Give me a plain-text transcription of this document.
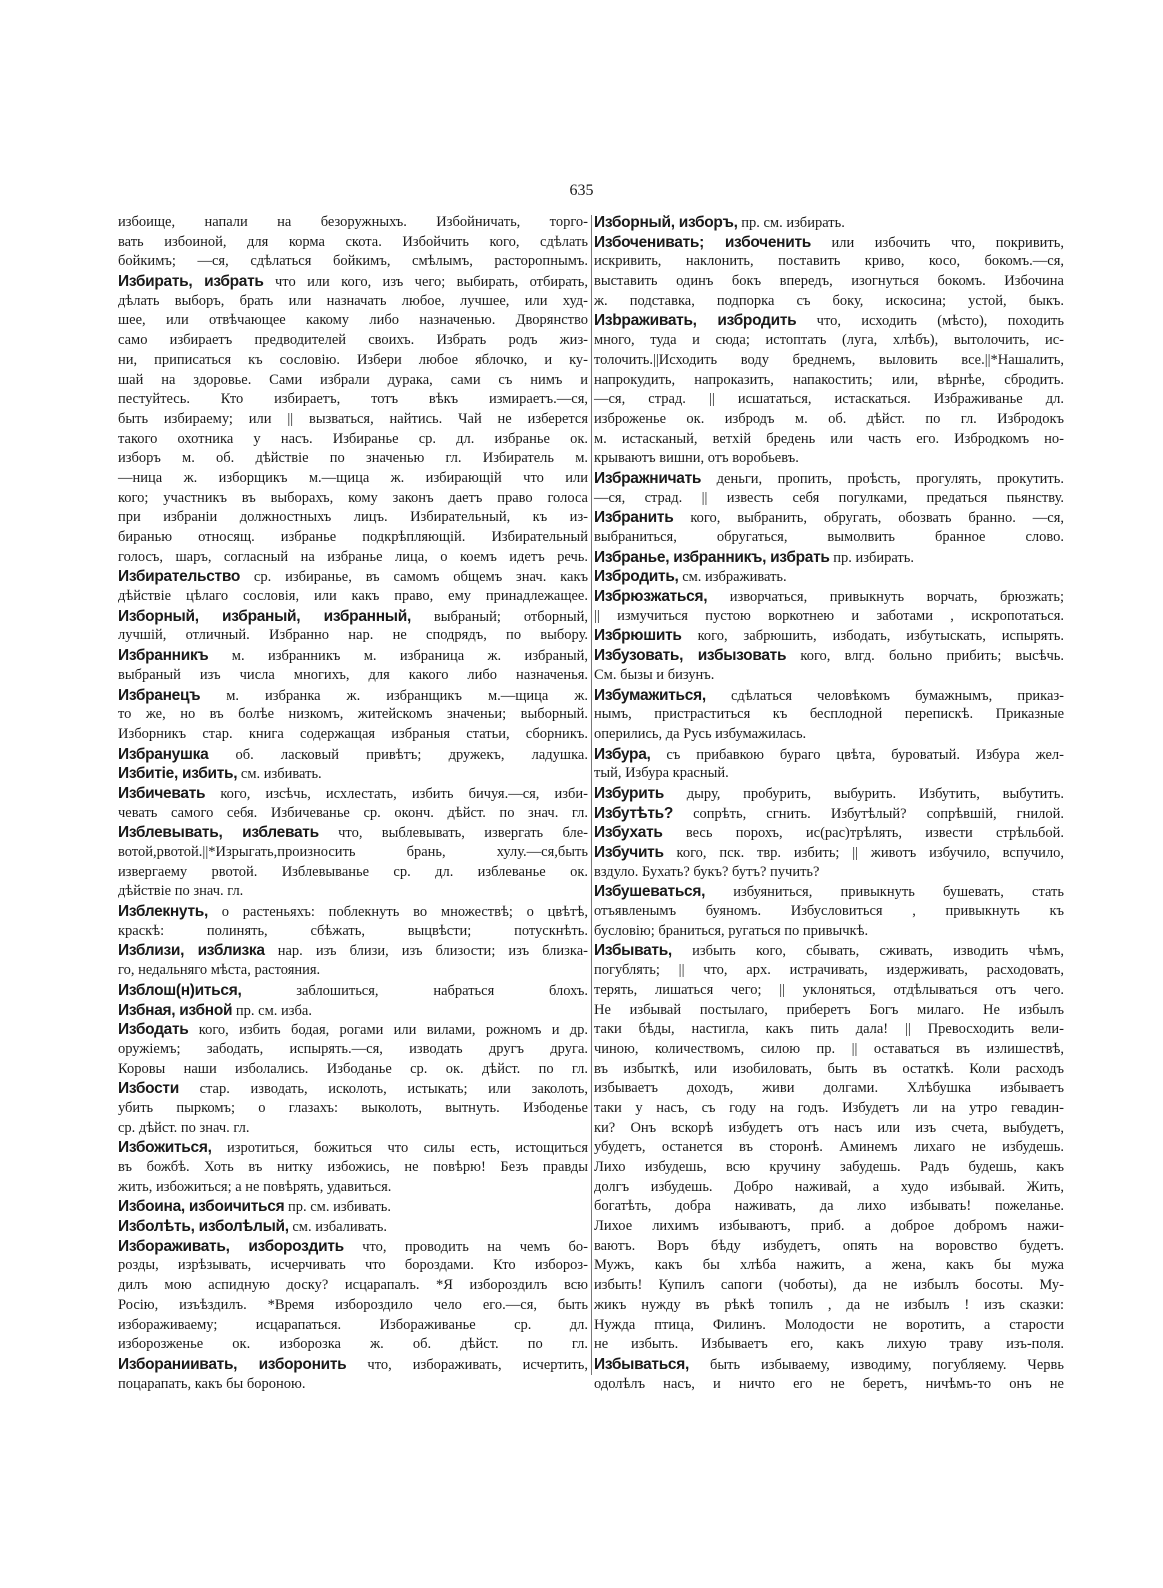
635
избоище, напали на безоружныхъ. Избойничать, торго-
вать избоиной, для корма скота. Избойчить кого, сдѣлать
бойкимъ; —ся, сдѣлаться бойкимъ, смѣлымъ, расторопнымъ.
Избирать, избрать что или кого, изъ чего; выбирать, отбирать,
дѣлать выборъ, брать или назначать любое, лучшее, или худ-
шее, или отвѣчающее какому либо назначенью. Дворянство
само избираетъ предводителей своихъ. Избрать родъ жиз-
ни, приписаться къ сословію. Избери любое яблочко, и ку-
шай на здоровье. Сами избрали дурака, сами съ нимъ и
пестуйтесь. Кто избираетъ, тотъ вѣкъ измираетъ.—ся,
быть избираему; или || вызваться, найтись. Чай не изберется
такого охотника у насъ. Избиранье ср. дл. избранье ок.
изборъ м. об. дѣйствіе по значенью гл. Избиратель м.
—ница ж. изборщикъ м.—щица ж. избирающій что или
кого; участникъ въ выборахъ, кому законъ даетъ право голоса
при избраніи должностныхъ лицъ. Избирательный, къ из-
биранью относящ. избранье подкрѣпляющій. Избирательный
голосъ, шаръ, согласный на избранье лица, о коемъ идетъ речь.
Избирательство ср. избиранье, въ самомъ общемъ знач. какъ
дѣйствіе цѣлаго сословія, или какъ право, ему принадлежащее.
Изборный, избраный, избранный, выбраный; отборный,
лучшій, отличный. Избранно нар. не сподрядъ, по выбору.
Избранникъ м. избранникъ м. избраница ж. избраный,
выбраный изъ числа многихъ, для какого либо назначенья.
Избранецъ м. избранка ж. избранщикъ м.—щица ж.
то же, но въ болѣе низкомъ, житейскомъ значеньи; выборный.
Изборникъ стар. книга содержащая избраныя статьи, сборникъ.
Избранушка об. ласковый привѣтъ; дружекъ, ладушка.
Избитіе, избить, см. избивать.
Избичевать кого, изсѣчь, исхлестать, избить бичуя.—ся, изби-
чевать самого себя. Избичеванье ср. оконч. дѣйст. по знач. гл.
Изблевывать, изблевать что, выблевывать, извергать бле-
вотой,рвотой.||*Изрыгать,произносить брань, хулу.—ся,быть
извергаему рвотой. Изблевыванье ср. дл. изблеванье ок.
дѣйствіе по знач. гл.
Изблекнуть, о растеньяхъ: поблекнуть во множествѣ; о цвѣтѣ,
краскѣ: полинять, сбѣжать, выцвѣсти; потускнѣть.
Изблизи, изблизка нар. изъ близи, изъ близости; изъ близка-
го, недальняго мѣста, растояния.
Изблош(н)иться, заблошиться, набраться блохъ.
Избная, избной пр. см. изба.
Избодать кого, избить бодая, рогами или вилами, рожномъ и др.
оружіемъ; забодать, испырять.—ся, изводать другъ друга.
Коровы наши изболались. Избоданье ср. ок. дѣйст. по гл.
Избости стар. изводать, исколоть, истыкать; или заколоть,
убить пыркомъ; о глазахъ: выколоть, вытнуть. Избоденье
ср. дѣйст. по знач. гл.
Избожиться, изротиться, божиться что силы есть, истощиться
въ божбѣ. Хоть въ нитку избожись, не повѣрю! Безъ правды
жить, избожиться; а не повѣрять, удавиться.
Избоина, избоичиться пр. см. избивать.
Изболѣть, изболѣлый, см. избаливать.
Избораживать, избороздить что, проводить на чемъ бо-
розды, изрѣзывать, исчерчивать что бороздами. Кто избороз-
дилъ мою аспидную доску? исцарапалъ. *Я избороздилъ всю
Росію, изъѣздилъ. *Время избороздило чело его.—ся, быть
избораживаему; исцарапаться. Избораживанье ср. дл.
изборозженье ок. изборозка ж. об. дѣйст. по гл.
Избораниивать, изборонить что, избораживать, исчертить,
поцарапать, какъ бы бороною.
Изборный, изборъ, пр. см. избирать.
Избоченивать; избоченить или избочить что, покривить,
искривить, наклонить, поставить криво, косо, бокомъ.—ся,
выставить одинъ бокъ впередъ, изогнуться бокомъ. Избочина
ж. подставка, подпорка съ боку, искосина; устой, быкъ.
Изbраживать, избродить что, исходить (мѣсто), походить
много, туда и сюда; истоптать (луга, хлѣбъ), вытолочить, ис-
толочить.||Исходить воду бреднемъ, выловить все.||*Нашалить,
напрокудить, напроказить, напакостить; или, вѣрнѣе, сбродить.
—ся, страд. || исшататься, истаскаться. Избраживанье дл.
изброженье ок. избродъ м. об. дѣйст. по гл. Избродокъ
м. истасканый, ветхій бредень или часть его. Избродкомъ но-
крываютъ вишни, отъ воробьевъ.
Избражничать деньги, пропить, проѣсть, прогулять, прокутить.
—ся, страд. || известь себя погулками, предаться пьянству.
Избранить кого, выбранить, обругать, обозвать бранно. —ся,
выбраниться, обругаться, вымолвить бранное слово.
Избранье, избранникъ, избрать пр. избирать.
Избродить, см. избраживать.
Избрюзжаться, изворчаться, привыкнуть ворчать, брюзжать;
|| измучиться пустою воркотнею и заботами , искропотаться.
Избрюшить кого, забрюшить, избодать, избутыскать, испырять.
Избузовать, избызовать кого, влгд. больно прибить; высѣчь.
См. бызы и бизунъ.
Избумажиться, сдѣлаться человѣкомъ бумажнымъ, приказ-
нымъ, пристраститься къ бесплодной перепискѣ. Приказные
оперились, да Русь избумажилась.
Избура, съ прибавкою бураго цвѣта, буроватый. Избура жел-
тый, Избура красный.
Избурить дыру, пробурить, выбурить. Избутить, выбутить.
Избутѣть? сопрѣть, сгнить. Избутѣлый? сопрѣвшій, гнилой.
Избухать весь порохъ, ис(рас)трѣлять, извести стрѣльбой.
Избучить кого, пск. твр. избить; || животъ избучило, вспучило,
вздуло. Бухать? букъ? бутъ? пучить?
Избушеваться, избуяниться, привыкнуть бушевать, стать
отъявленымъ буяномъ. Избусловиться , привыкнуть къ
бусловію; браниться, ругаться по привычкѣ.
Избывать, избыть кого, сбывать, сживать, изводить чѣмъ,
погублять; || что, арх. истрачивать, издерживать, расходовать,
терять, лишаться чего; || уклоняться, отдѣлываться отъ чего.
Не избывай постылаго, приберетъ Богъ милаго. Не избылъ
таки бѣды, настигла, какъ пить дала! || Превосходить вели-
чиною, количествомъ, силою пр. || оставаться въ излишествѣ,
въ избыткѣ, или изобиловать, быть въ остаткѣ. Коли расходъ
избываетъ доходъ, живи долгами. Хлѣбушка избываетъ
таки у насъ, съ году на годъ. Избудетъ ли на утро гевадин-
ки? Онъ вскорѣ избудетъ отъ насъ или изъ счета, выбудетъ,
убудетъ, останется въ сторонѣ. Аминемъ лихаго не избудешь.
Лихо избудешь, всю кручину забудешь. Радъ будешь, какъ
долгъ избудешь. Добро наживай, а худо избывай. Жить,
богатѣть, добра наживать, да лихо избывать! пожеланье.
Лихое лихимъ избываютъ, приб. а доброе добромъ нажи-
ваютъ. Воръ бѣду избудетъ, опять на воровство будетъ.
Мужъ, какъ бы хлѣба нажить, а жена, какъ бы мужа
избыть! Купилъ сапоги (чоботы), да не избылъ босоты. Му-
жикъ нужду въ рѣкѣ топилъ , да не избылъ ! изъ сказки:
Нужда птица, Филинъ. Молодости не воротить, а старости
не избыть. Избываетъ его, какъ лихую траву изъ-поля.
Избываться, быть избываему, изводиму, погубляему. Червь
одолѣлъ насъ, и ничто его не беретъ, ничѣмъ-то онъ не
